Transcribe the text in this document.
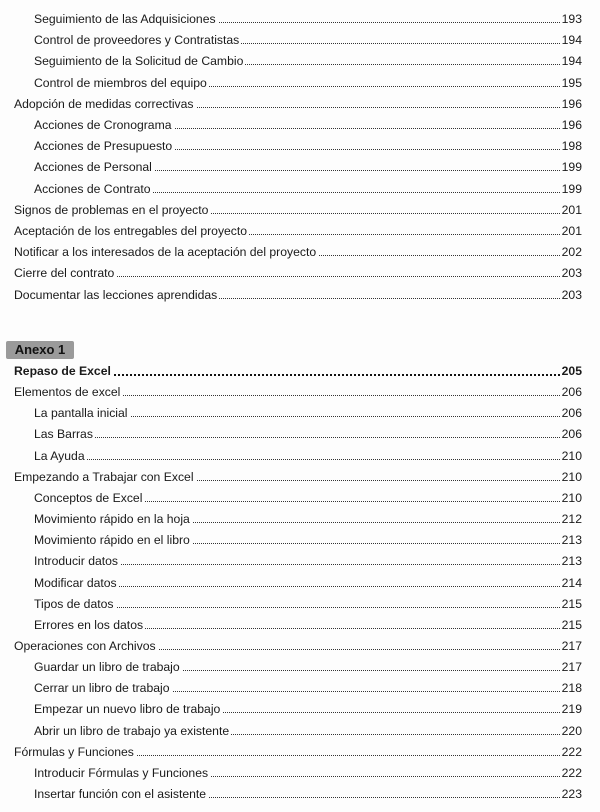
Seguimiento de las Adquisiciones	193
Control de proveedores y Contratistas	194
Seguimiento de la Solicitud de Cambio	194
Control de miembros del equipo	195
Adopción de medidas correctivas	196
Acciones de Cronograma	196
Acciones de Presupuesto	198
Acciones de Personal	199
Acciones de Contrato	199
Signos de problemas en el proyecto	201
Aceptación de los entregables del proyecto	201
Notificar a los interesados de la aceptación del proyecto	202
Cierre del contrato	203
Documentar las lecciones aprendidas	203
Repaso de Excel	205
Elementos de excel	206
La pantalla inicial	206
Las Barras	206
La Ayuda	210
Empezando a Trabajar con Excel	210
Conceptos de Excel	210
Movimiento rápido en la hoja	212
Movimiento rápido en el libro	213
Introducir datos	213
Modificar datos	214
Tipos de datos	215
Errores en los datos	215
Operaciones con Archivos	217
Guardar un libro de trabajo	217
Cerrar un libro de trabajo	218
Empezar un nuevo libro de trabajo	219
Abrir un libro de trabajo ya existente	220
Fórmulas y Funciones	222
Introducir Fórmulas y Funciones	222
Insertar función con el asistente	223
Anexo 1
